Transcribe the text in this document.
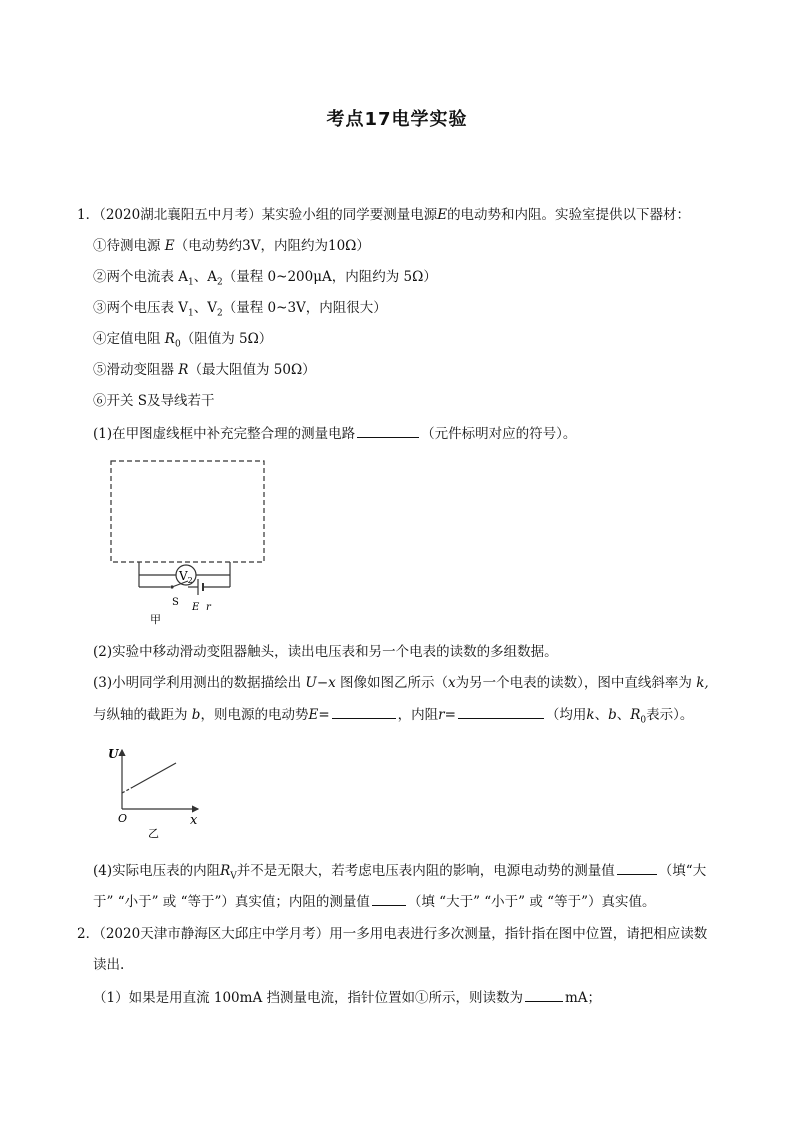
考点17电学实验
1．（2020湖北襄阳五中月考）某实验小组的同学要测量电源E的电动势和内阻。实验室提供以下器材：
①待测电源 E（电动势约3V，内阻约为10Ω）
②两个电流表 $A_1$、$A_2$（量程 0~200μA，内阻约为 5Ω）
③两个电压表 $V_1$、$V_2$（量程 0~3V，内阻很大）
④定值电阻 $R_0$（阻值为 5Ω）
⑤滑动变阻器 R（最大阻值为 50Ω）
⑥开关 S及导线若干
(1)在甲图虚线框中补充完整合理的测量电路	（元件标明对应的符号）。
$V_2$
S E r
甲
(2)实验中移动滑动变阻器触头，读出电压表和另一个电表的读数的多组数据。
(3)小明同学利用测出的数据描绘出 U−x 图像如图乙所示（x为另一个电表的读数），图中直线斜率为 k,
与纵轴的截距为 b，则电源的电动势E=	，内阻r=	（均用k、b、$R_0$表示）。
U
O	x
乙
(4)实际电压表的内阻$R_V$并不是无限大，若考虑电压表内阻的影响，电源电动势的测量值	（填“大
于” “小于” 或 “等于”）真实值；内阻的测量值	（填 “大于” “小于” 或 “等于”）真实值。
2．（2020天津市静海区大邱庄中学月考）用一多用电表进行多次测量，指针指在图中位置，请把相应读数
读出.
（1）如果是用直流 100mA 挡测量电流，指针位置如①所示，则读数为	mA；
